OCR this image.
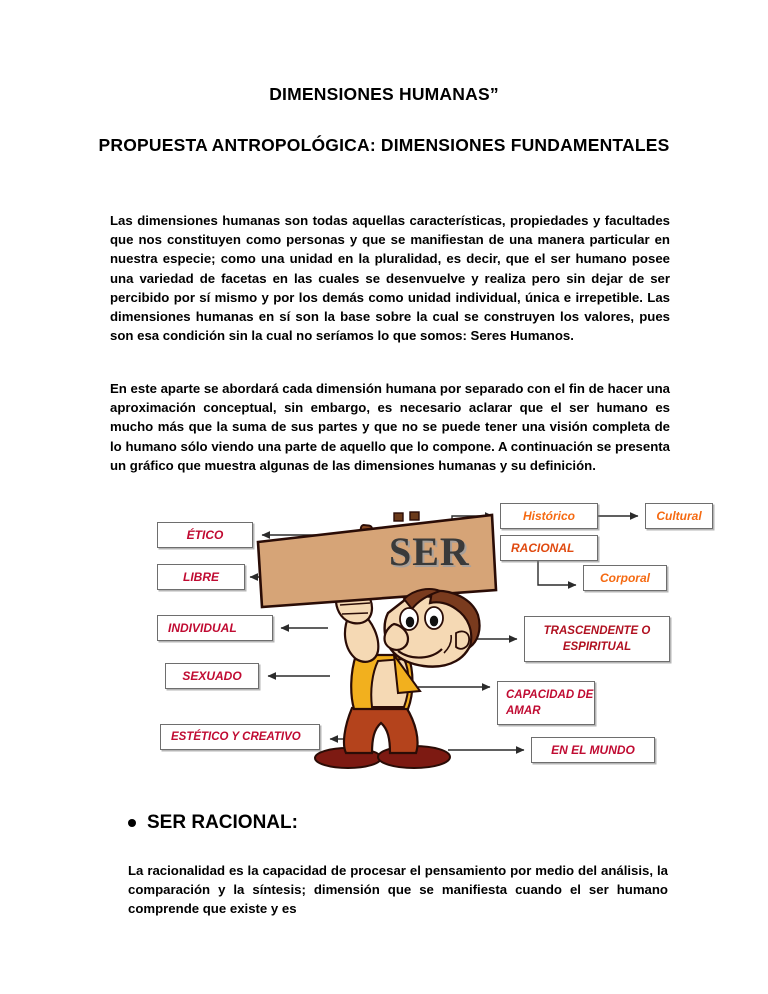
DIMENSIONES HUMANAS”
PROPUESTA ANTROPOLÓGICA: DIMENSIONES FUNDAMENTALES
Las dimensiones humanas son todas aquellas características, propiedades y facultades que nos constituyen como personas y que se manifiestan de una manera particular en nuestra especie; como una unidad en la pluralidad, es decir, que el ser humano posee una variedad de facetas en las cuales se desenvuelve y realiza pero sin dejar de ser percibido por sí mismo y por los demás como unidad individual, única e irrepetible. Las dimensiones humanas en sí son la base sobre la cual se construyen los valores, pues son esa condición sin la cual no seríamos lo que somos: Seres Humanos.
En este aparte se abordará cada dimensión humana por separado con el fin de hacer una aproximación conceptual, sin embargo, es necesario aclarar que el ser humano es mucho más que la suma de sus partes y que no se puede tener una visión completa de lo humano sólo viendo una parte de aquello que lo compone. A continuación se presenta un gráfico que muestra algunas de las dimensiones humanas y su definición.
SER
ÉTICO
LIBRE
INDIVIDUAL
SEXUADO
ESTÉTICO Y CREATIVO
Histórico	Cultural
RACIONAL
Corporal
TRASCENDENTE O ESPIRITUAL
CAPACIDAD DE AMAR
EN EL MUNDO
SER RACIONAL:
La racionalidad es la capacidad de procesar el pensamiento por medio del análisis, la comparación y la síntesis; dimensión que se manifiesta cuando el ser humano comprende que existe y es
